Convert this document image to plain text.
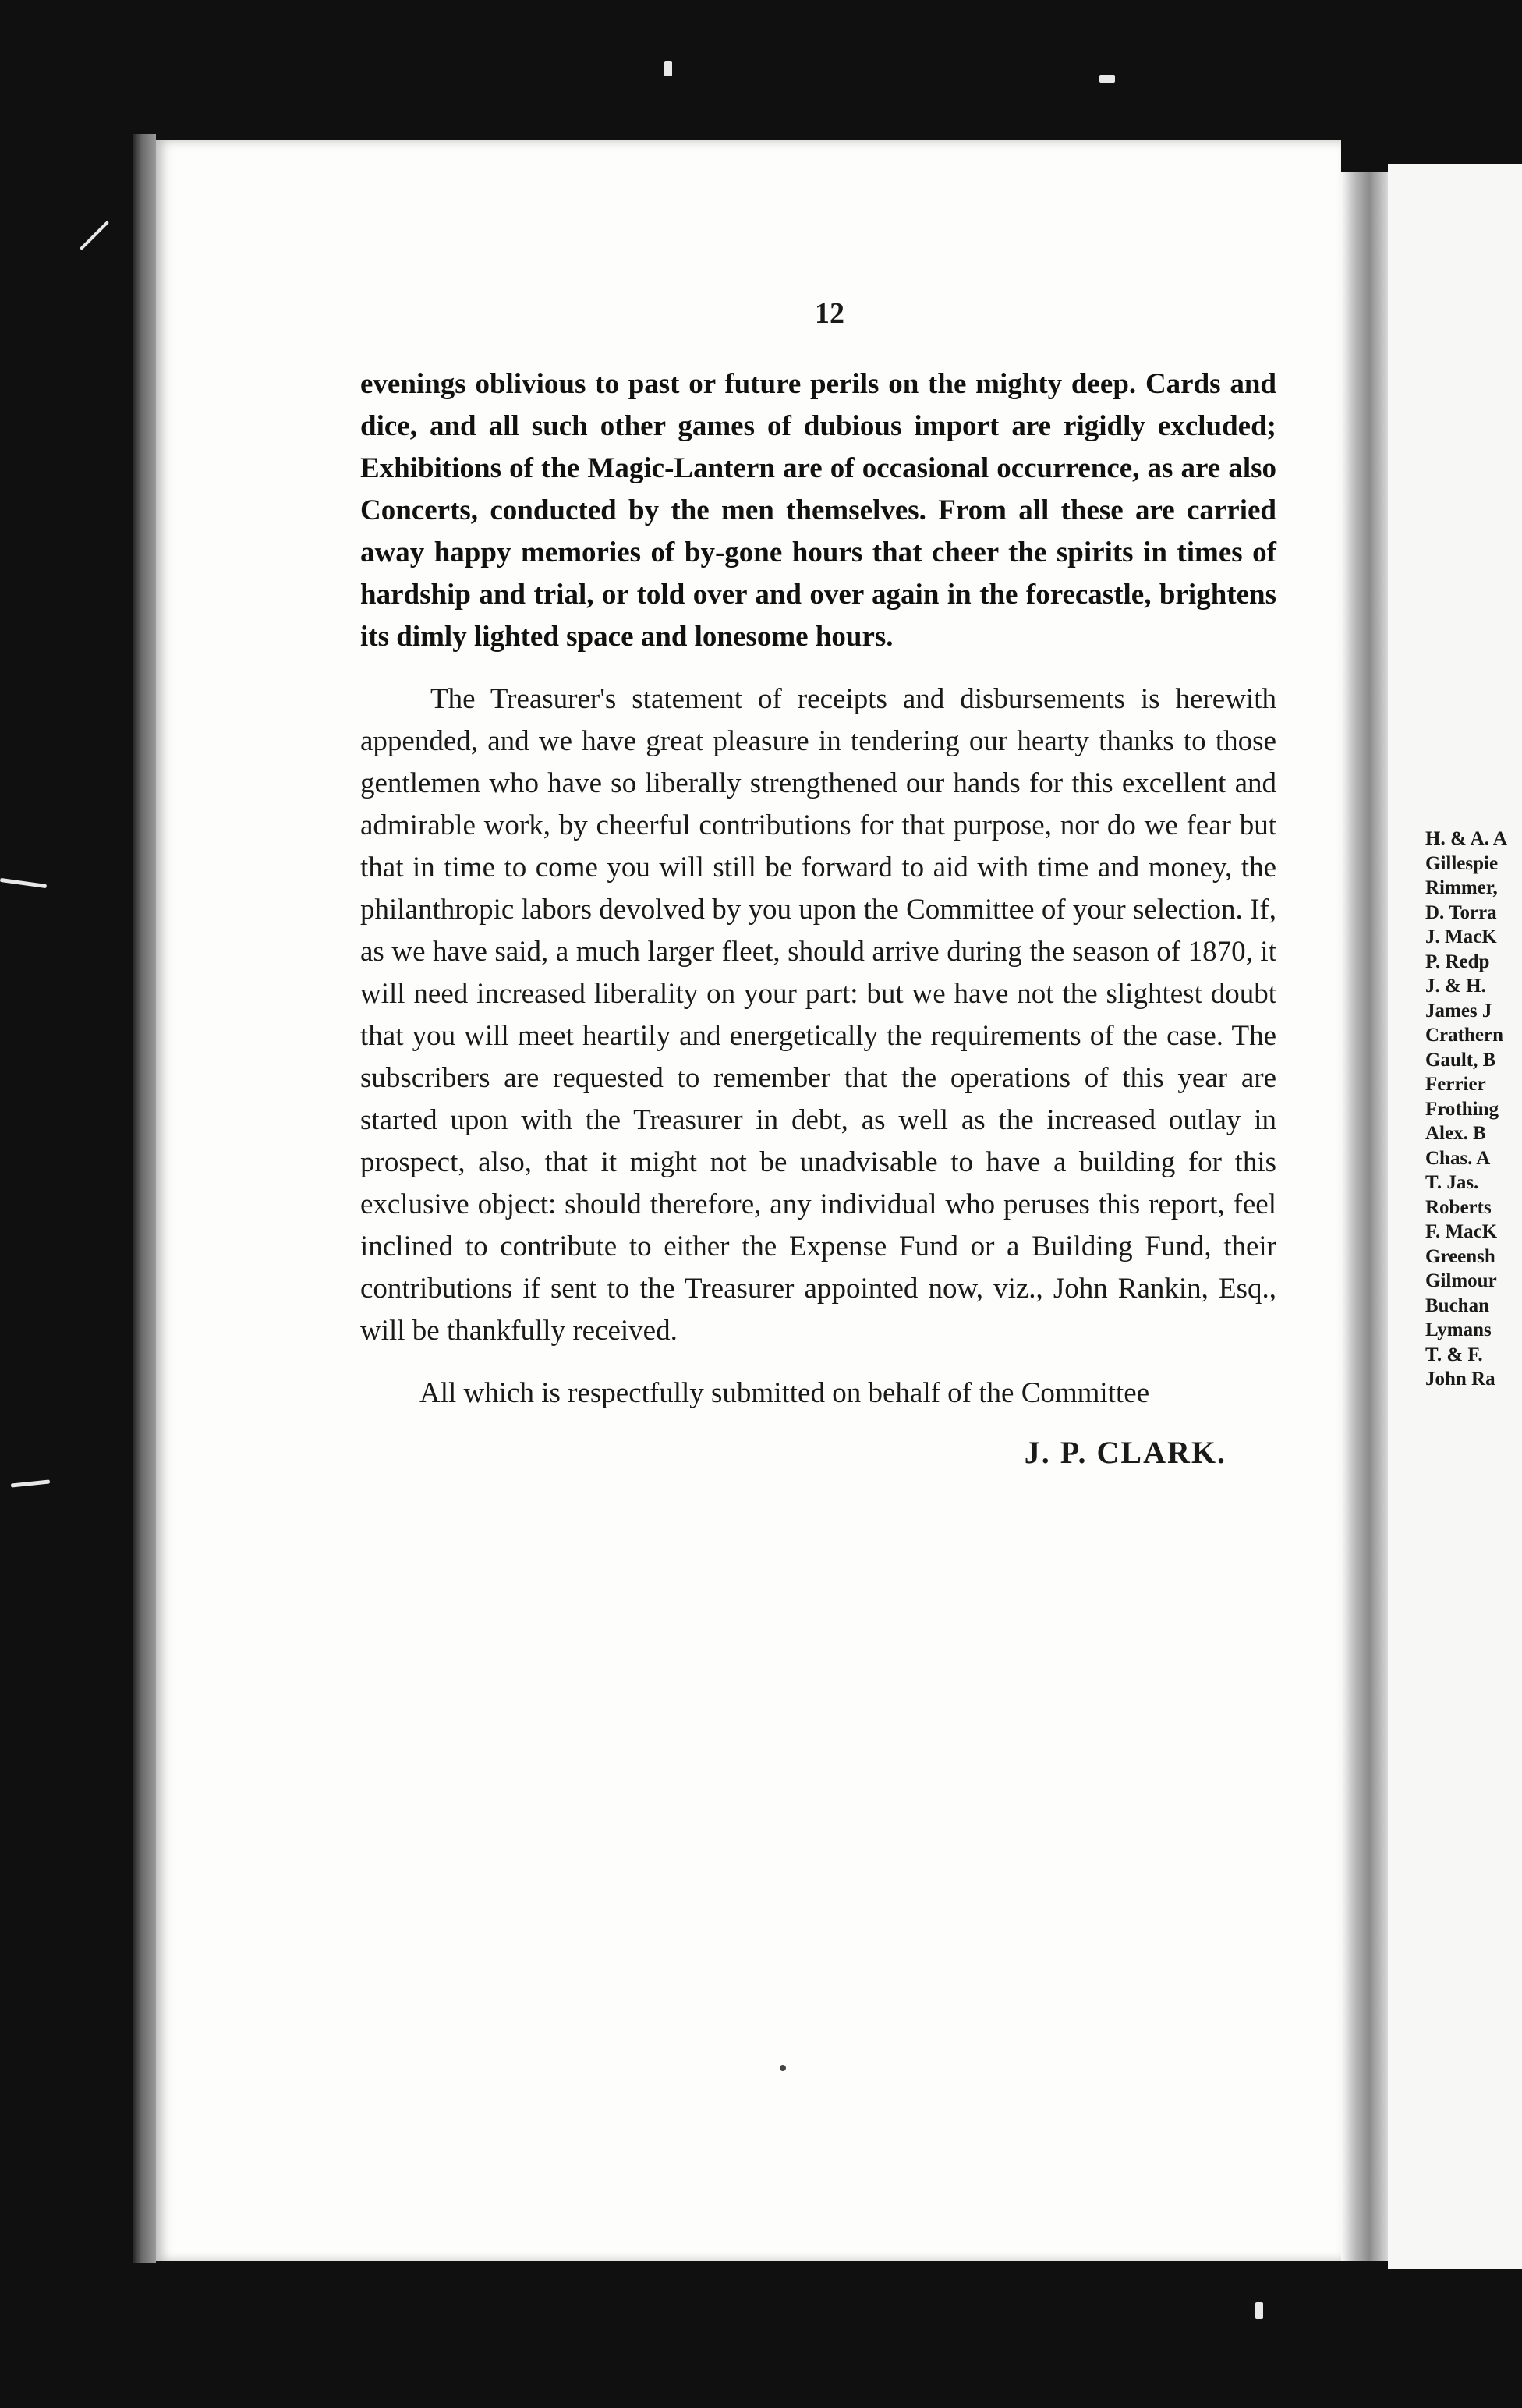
12

evenings oblivious to past or future perils on the mighty deep. Cards and dice, and all such other games of dubious import are rigidly excluded; Exhibitions of the Magic-Lantern are of occasional occurrence, as are also Concerts, conducted by the men themselves. From all these are carried away happy memories of by-gone hours that cheer the spirits in times of hardship and trial, or told over and over again in the forecastle, brightens its dimly lighted space and lonesome hours.

The Treasurer's statement of receipts and disbursements is herewith appended, and we have great pleasure in tendering our hearty thanks to those gentlemen who have so liberally strengthened our hands for this excellent and admirable work, by cheerful contributions for that purpose, nor do we fear but that in time to come you will still be forward to aid with time and money, the philanthropic labors devolved by you upon the Committee of your selection. If, as we have said, a much larger fleet, should arrive during the season of 1870, it will need increased liberality on your part: but we have not the slightest doubt that you will meet heartily and energetically the requirements of the case. The subscribers are requested to remember that the operations of this year are started upon with the Treasurer in debt, as well as the increased outlay in prospect, also, that it might not be unadvisable to have a building for this exclusive object: should therefore, any individual who peruses this report, feel inclined to contribute to either the Expense Fund or a Building Fund, their contributions if sent to the Treasurer appointed now, viz., John Rankin, Esq., will be thankfully received.

All which is respectfully submitted on behalf of the Committee

J. P. CLARK.

H. & A. A
Gillespie
Rimmer,
D. Torra
J. MacK
P. Redp
J. & H.
James J
Crathern
Gault, B
Ferrier
Frothing
Alex. B
Chas. A
T. Jas.
Roberts
F. MacK
Greensh
Gilmour
Buchan
Lymans
T. & F.
John Ra
